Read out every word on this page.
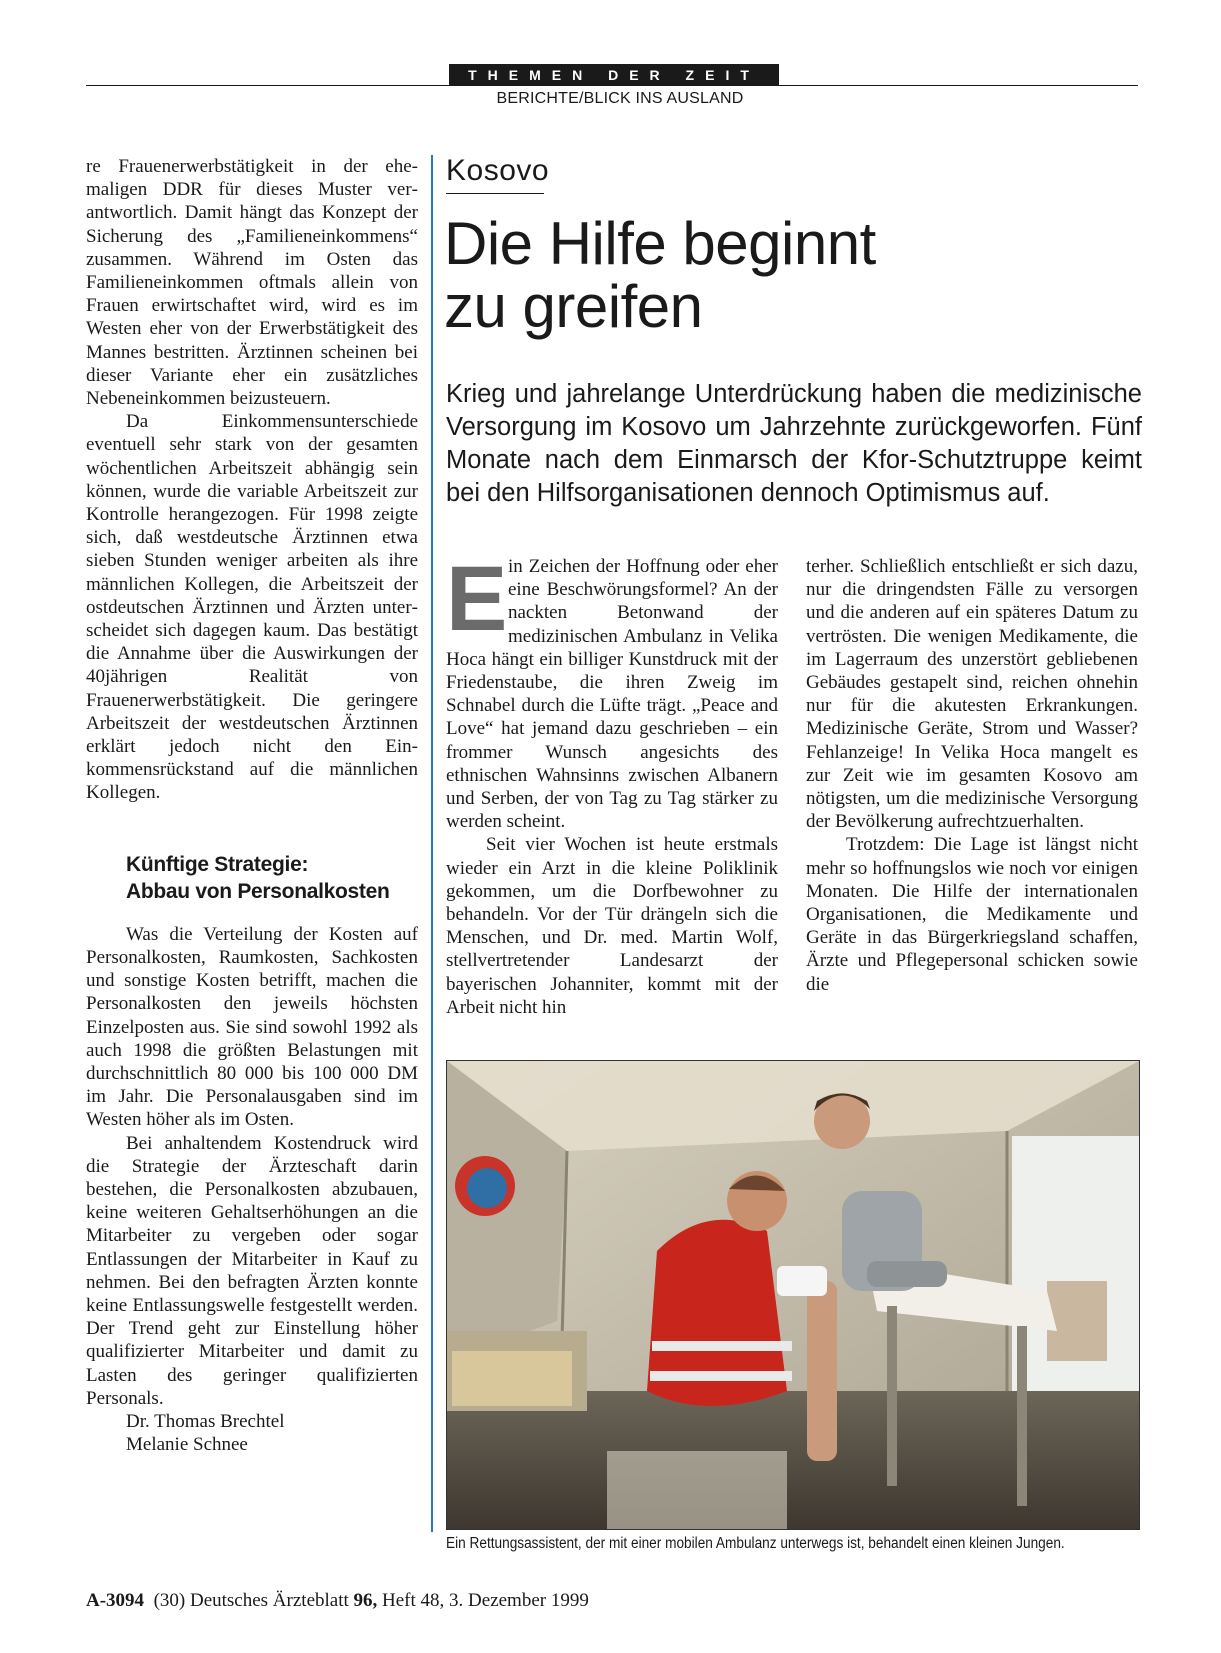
THEMEN DER ZEIT
BERICHTE/BLICK INS AUSLAND

re Frauenerwerbstätigkeit in der ehemaligen DDR für dieses Muster verantwortlich. Damit hängt das Konzept der Sicherung des „Familieneinkommens“ zusammen. Während im Osten das Familieneinkommen oftmals allein von Frauen erwirtschaftet wird, wird es im Westen eher von der Erwerbstätigkeit des Mannes bestritten. Ärztinnen scheinen bei dieser Variante eher ein zusätzliches Nebeneinkommen beizusteuern.

Da Einkommensunterschiede eventuell sehr stark von der gesamten wöchentlichen Arbeitszeit abhängig sein können, wurde die variable Arbeitszeit zur Kontrolle herangezogen. Für 1998 zeigte sich, daß westdeutsche Ärztinnen etwa sieben Stunden weniger arbeiten als ihre männlichen Kollegen, die Arbeitszeit der ostdeutschen Ärztinnen und Ärzten unterscheidet sich dagegen kaum. Das bestätigt die Annahme über die Auswirkungen der 40jährigen Realität von Frauenerwerbstätigkeit. Die geringere Arbeitszeit der westdeutschen Ärztinnen erklärt jedoch nicht den Einkommensrückstand auf die männlichen Kollegen.

Künftige Strategie:
Abbau von Personalkosten

Was die Verteilung der Kosten auf Personalkosten, Raumkosten, Sachkosten und sonstige Kosten betrifft, machen die Personalkosten den jeweils höchsten Einzelposten aus. Sie sind sowohl 1992 als auch 1998 die größten Belastungen mit durchschnittlich 80 000 bis 100 000 DM im Jahr. Die Personalausgaben sind im Westen höher als im Osten.

Bei anhaltendem Kostendruck wird die Strategie der Ärzteschaft darin bestehen, die Personalkosten abzubauen, keine weiteren Gehaltserhöhungen an die Mitarbeiter zu vergeben oder sogar Entlassungen der Mitarbeiter in Kauf zu nehmen. Bei den befragten Ärzten konnte keine Entlassungswelle festgestellt werden. Der Trend geht zur Einstellung höher qualifizierter Mitarbeiter und damit zu Lasten des geringer qualifizierten Personals.

Dr. Thomas Brechtel
Melanie Schnee
Kosovo
Die Hilfe beginnt
zu greifen
Krieg und jahrelange Unterdrückung haben die medizinische Versorgung im Kosovo um Jahrzehnte zurückgeworfen. Fünf Monate nach dem Einmarsch der Kfor-Schutztruppe keimt bei den Hilfsorganisationen dennoch Optimismus auf.

Ein Zeichen der Hoffnung oder eher eine Beschwörungsformel? An der nackten Betonwand der medizinischen Ambulanz in Velika Hoca hängt ein billiger Kunstdruck mit der Friedenstaube, die ihren Zweig im Schnabel durch die Lüfte trägt. „Peace and Love“ hat jemand dazu geschrieben – ein frommer Wunsch angesichts des ethnischen Wahnsinns zwischen Albanern und Serben, der von Tag zu Tag stärker zu werden scheint.

Seit vier Wochen ist heute erstmals wieder ein Arzt in die kleine Poliklinik gekommen, um die Dorfbewohner zu behandeln. Vor der Tür drängeln sich die Menschen, und Dr. med. Martin Wolf, stellvertretender Landesarzt der bayerischen Johanniter, kommt mit der Arbeit nicht hin

terher. Schließlich entschließt er sich dazu, nur die dringendsten Fälle zu versorgen und die anderen auf ein späteres Datum zu vertrösten. Die wenigen Medikamente, die im Lagerraum des unzerstört gebliebenen Gebäudes gestapelt sind, reichen ohnehin nur für die akutesten Erkrankungen. Medizinische Geräte, Strom und Wasser? Fehlanzeige! In Velika Hoca mangelt es zur Zeit wie im gesamten Kosovo am nötigsten, um die medizinische Versorgung der Bevölkerung aufrechtzuerhalten.

Trotzdem: Die Lage ist längst nicht mehr so hoffnungslos wie noch vor einigen Monaten. Die Hilfe der internationalen Organisationen, die Medikamente und Geräte in das Bürgerkriegsland schaffen, Ärzte und Pflegepersonal schicken sowie die

Ein Rettungsassistent, der mit einer mobilen Ambulanz unterwegs ist, behandelt einen kleinen Jungen.
A-3094 (30) Deutsches Ärzteblatt 96, Heft 48, 3. Dezember 1999
